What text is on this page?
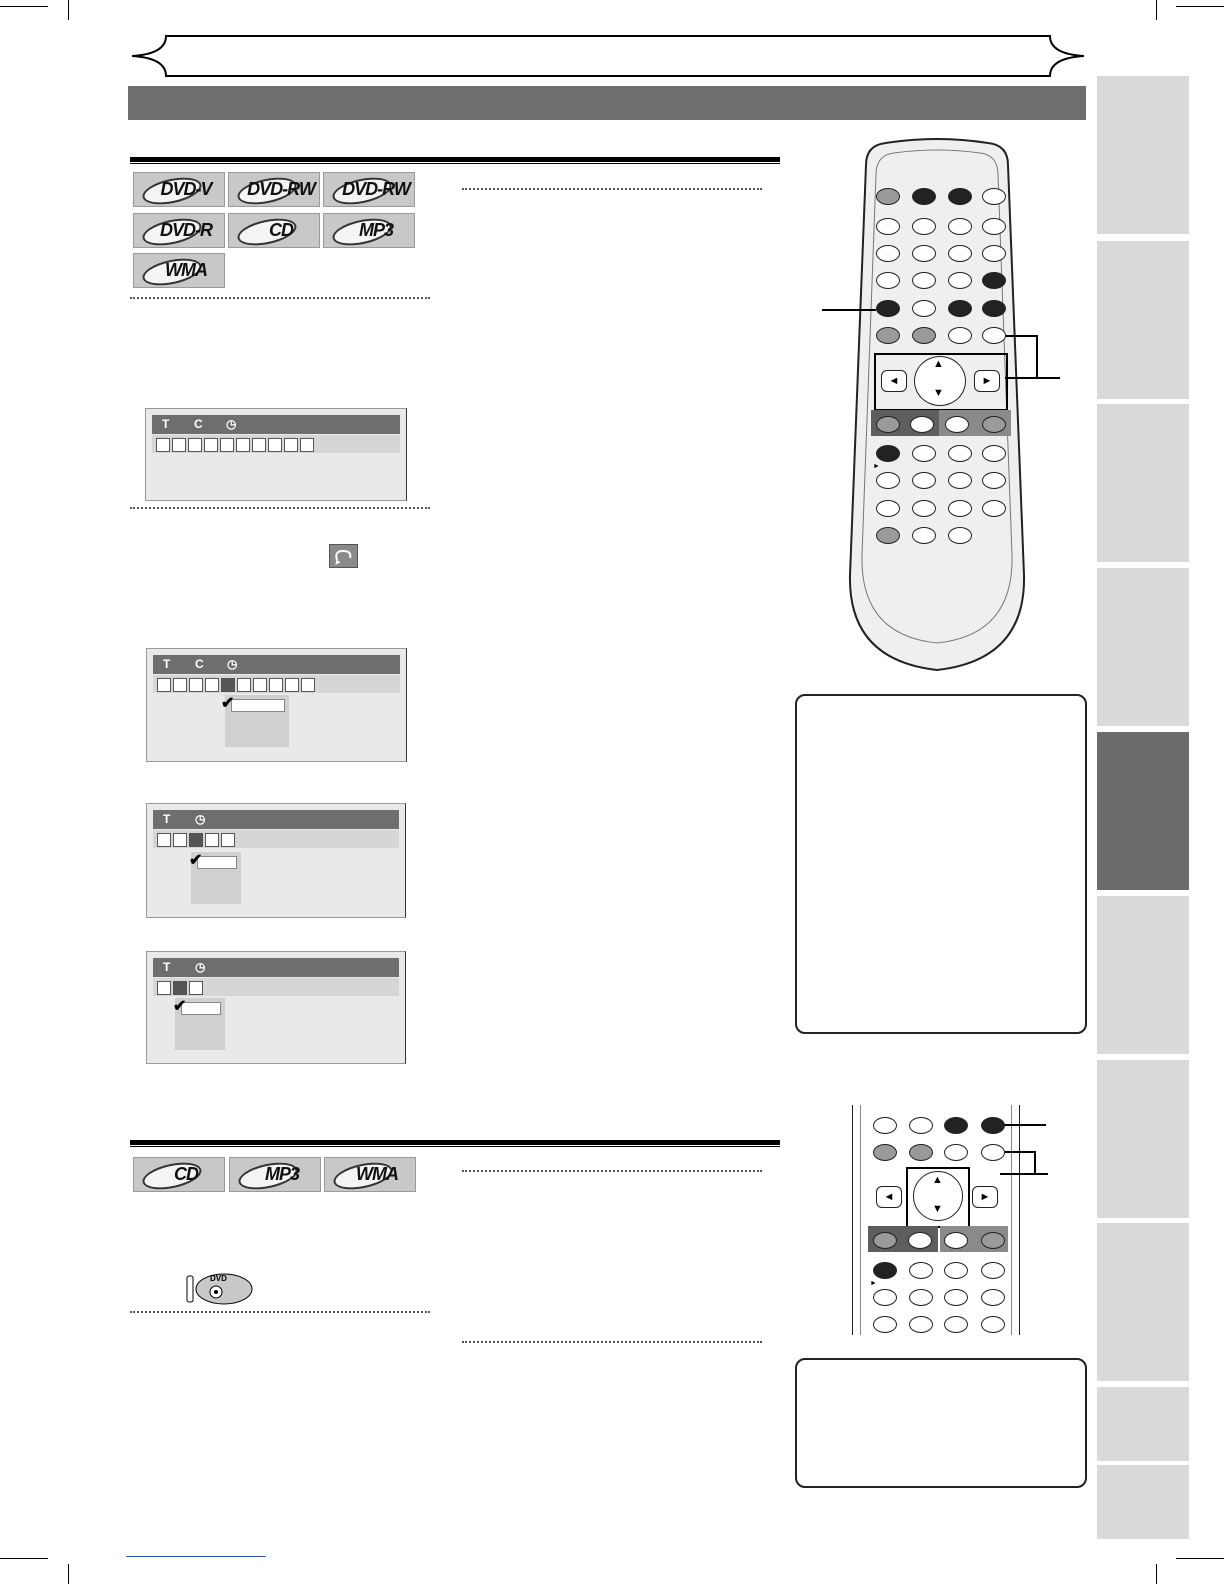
T C ◷
T C ◷
✔
T ◷
✔
T ◷
✔
DVD
▲
▼
◄	►
►
▲
▼
◄	►
►
DVD-V DVD-RW DVD-RW
DVD-R	CD	MP3
WMA
CD	MP3	WMA
